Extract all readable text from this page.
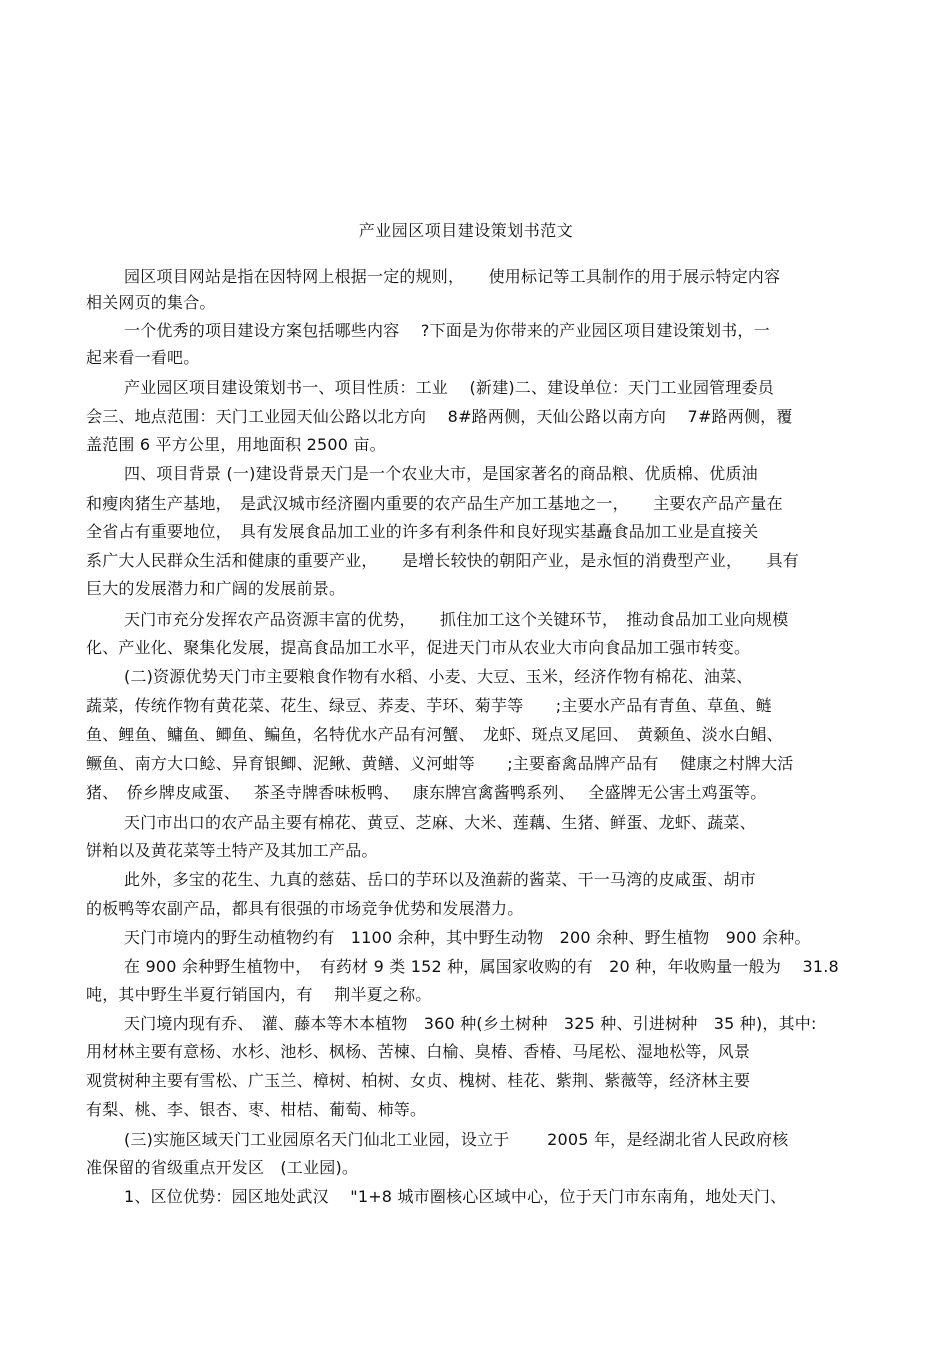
产业园区项目建设策划书范文
园区项目网站是指在因特网上根据一定的规则，　　使用标记等工具制作的用于展示特定内容
相关网页的集合。
一个优秀的项目建设方案包括哪些内容　 ?下面是为你带来的产业园区项目建设策划书，一
起来看一看吧。
产业园区项目建设策划书一、项目性质：工业　 (新建)二、建设单位：天门工业园管理委员
会三、地点范围：天门工业园天仙公路以北方向　 8#路两侧，天仙公路以南方向　 7#路两侧，覆
盖范围 6 平方公里，用地面积 2500 亩。
四、项目背景 (一)建设背景天门是一个农业大市，是国家著名的商品粮、优质棉、优质油
和瘦肉猪生产基地，　是武汉城市经济圈内重要的农产品生产加工基地之一，　　主要农产品产量在
全省占有重要地位，　具有发展食品加工业的许多有利条件和良好现实基矗食品加工业是直接关
系广大人民群众生活和健康的重要产业，　　是增长较快的朝阳产业，是永恒的消费型产业，　　具有
巨大的发展潜力和广阔的发展前景。
天门市充分发挥农产品资源丰富的优势，　　抓住加工这个关键环节，　推动食品加工业向规模
化、产业化、聚集化发展，提高食品加工水平，促进天门市从农业大市向食品加工强市转变。
(二)资源优势天门市主要粮食作物有水稻、小麦、大豆、玉米，经济作物有棉花、油菜、
蔬菜，传统作物有黄花菜、花生、绿豆、荞麦、芋环、菊芋等　　;主要水产品有青鱼、草鱼、鲢
鱼、鲤鱼、鳙鱼、鲫鱼、鳊鱼，名特优水产品有河蟹、　龙虾、斑点叉尾回、　黄颡鱼、淡水白鲳、
鳜鱼、南方大口鲶、异育银鲫、泥鳅、黄鳝、义河蚶等　　;主要畜禽品牌产品有　 健康之村牌大活
猪、　侨乡牌皮咸蛋、　 茶圣寺牌香味板鸭、　 康东牌宫禽酱鸭系列、　 全盛牌无公害土鸡蛋等。
天门市出口的农产品主要有棉花、黄豆、芝麻、大米、莲藕、生猪、鲜蛋、龙虾、蔬菜、
饼粕以及黄花菜等土特产及其加工产品。
此外，多宝的花生、九真的慈菇、岳口的芋环以及渔薪的酱菜、干一马湾的皮咸蛋、胡市
的板鸭等农副产品，都具有很强的市场竞争优势和发展潜力。
天门市境内的野生动植物约有　1100 余种，其中野生动物　200 余种、野生植物　900 余种。
在 900 余种野生植物中，　有药材 9 类 152 种，属国家收购的有　20 种，年收购量一般为　 31.8
吨，其中野生半夏行销国内，有　 荆半夏之称。
天门境内现有乔、　灌、藤本等木本植物　360 种(乡土树种　325 种、引进树种　35 种)，其中:
用材林主要有意杨、水杉、池杉、枫杨、苦楝、白榆、臭椿、香椿、马尾松、湿地松等，风景
观赏树种主要有雪松、广玉兰、樟树、柏树、女贞、槐树、桂花、紫荆、紫薇等，经济林主要
有梨、桃、李、银杏、枣、柑桔、葡萄、柿等。
(三)实施区域天门工业园原名天门仙北工业园，设立于　　 2005 年，是经湖北省人民政府核
准保留的省级重点开发区　(工业园)。
1、区位优势：园区地处武汉　 "1+8 城市圈核心区域中心，位于天门市东南角，地处天门、
